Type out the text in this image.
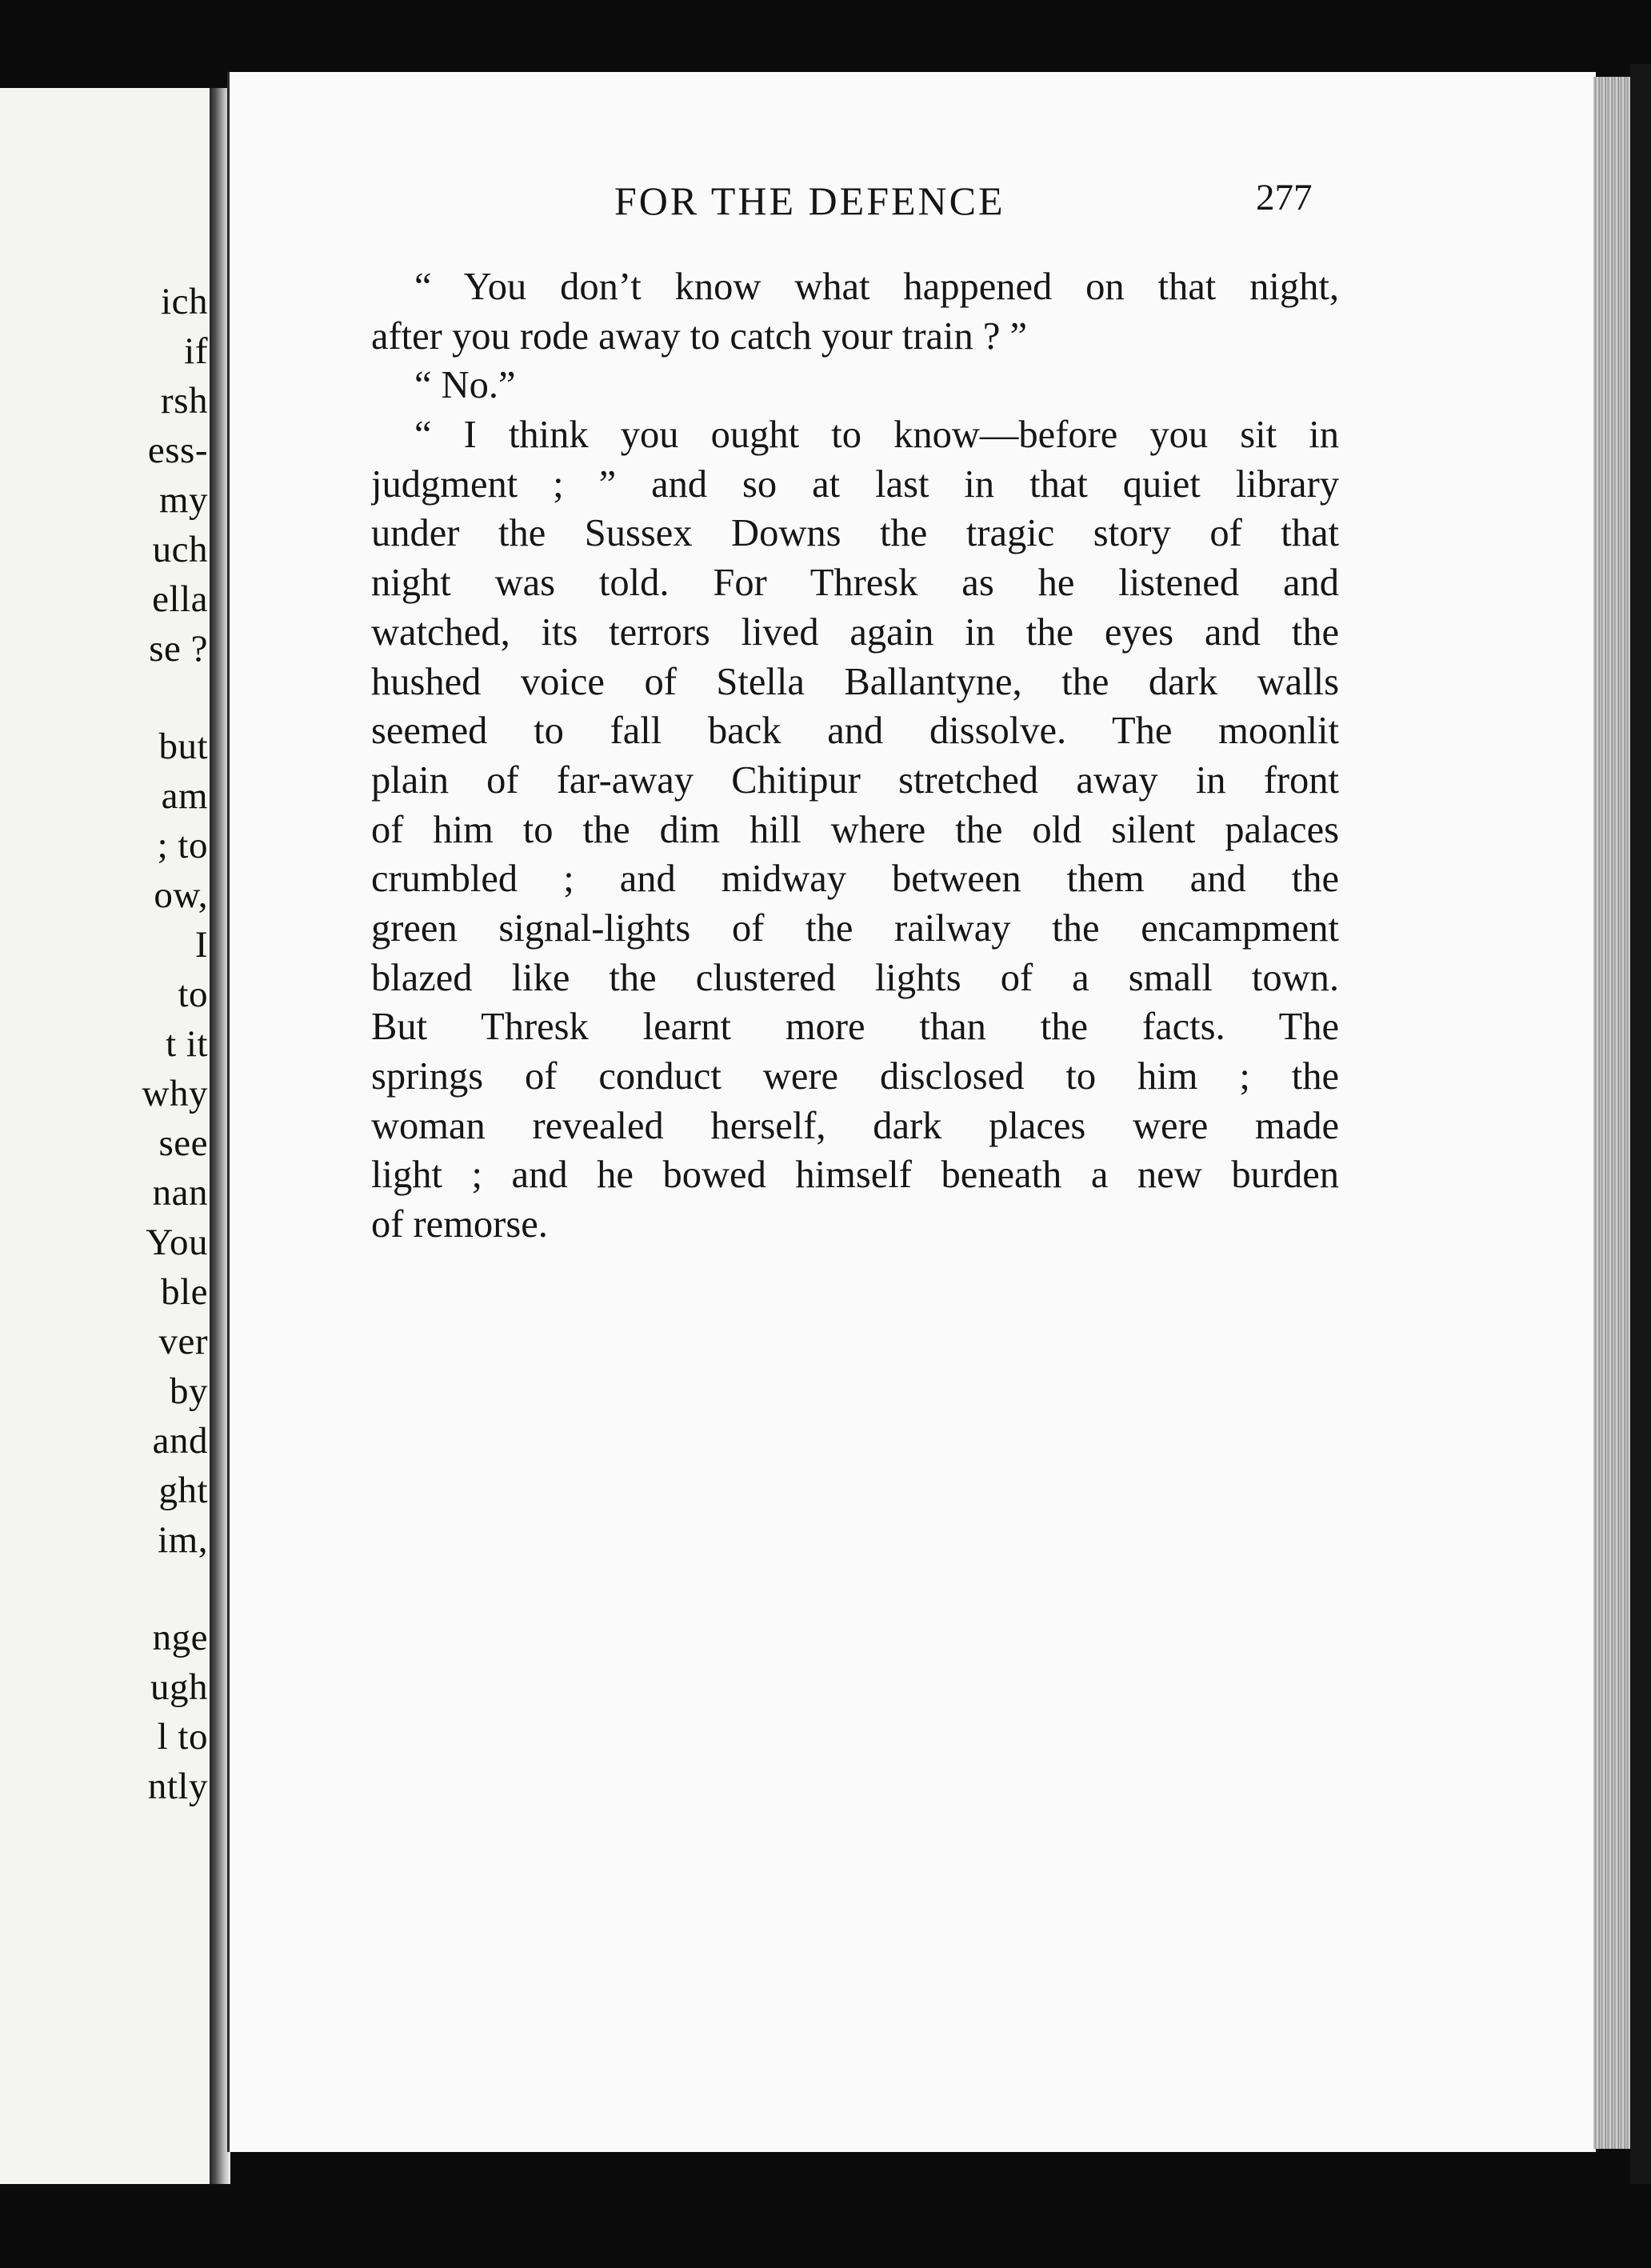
ich
if
rsh
ess-
my
uch
ella
se ?
but
am
; to
ow,
I
to
t it
why
see
nan
You
ble
ver
by
and
ght
im,
nge
ugh
l to
ntly
FOR THE DEFENCE	277
“ You don’t know what happened on that night,
after you rode away to catch your train ? ”
“ No.”
“ I think you ought to know—before you sit in
judgment ; ” and so at last in that quiet library
under the Sussex Downs the tragic story of that
night was told. For Thresk as he listened and
watched, its terrors lived again in the eyes and the
hushed voice of Stella Ballantyne, the dark walls
seemed to fall back and dissolve. The moonlit
plain of far-away Chitipur stretched away in front
of him to the dim hill where the old silent palaces
crumbled ; and midway between them and the
green signal-lights of the railway the encampment
blazed like the clustered lights of a small town.
But Thresk learnt more than the facts. The
springs of conduct were disclosed to him ; the
woman revealed herself, dark places were made
light ; and he bowed himself beneath a new burden
of remorse.
